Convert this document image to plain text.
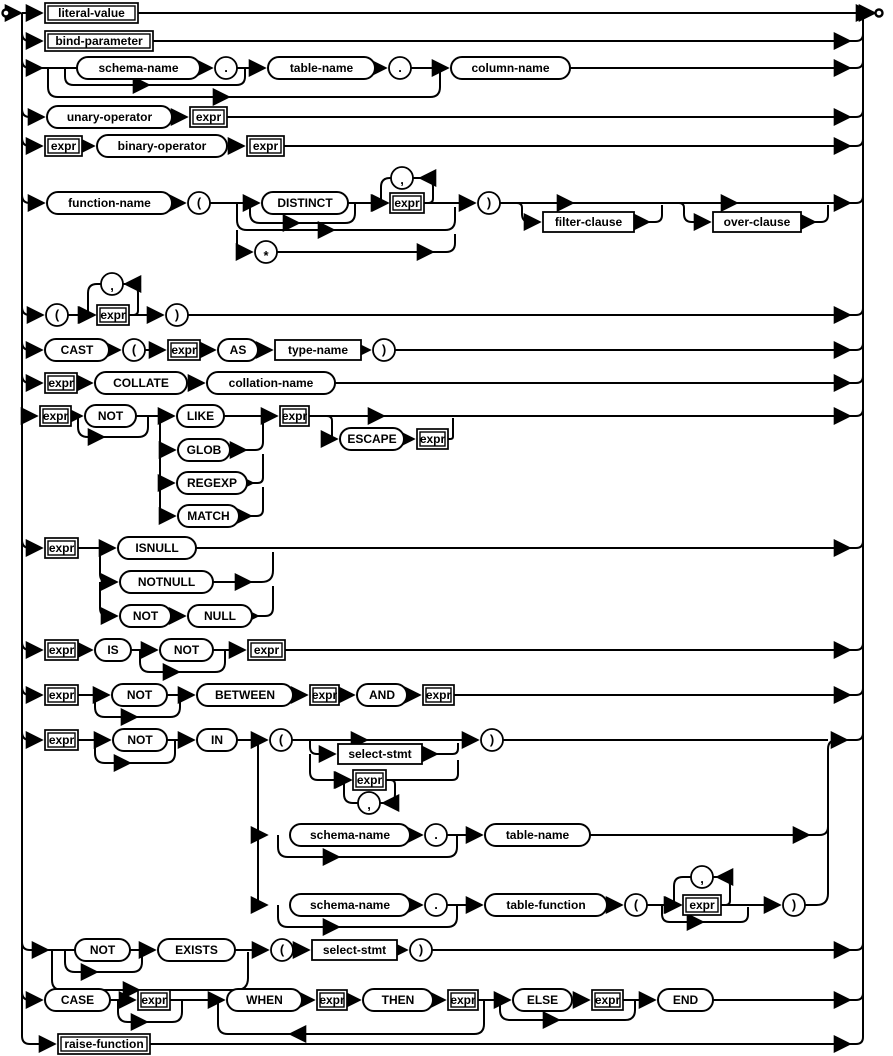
literal-value
bind-parameter
schema-name	.	table-name	.	column-name
unary-operator	expr
expr	binary-operator	expr
function-name	(	DISTINCT	expr
,
*
)
filter-clause	over-clause
(	expr
,
)
CAST	(	expr	AS	type-name	)
expr	COLLATE	collation-name
expr NOT	LIKE
GLOB
REGEXP
MATCH
expr
ESCAPE expr
expr	ISNULL
NOTNULL
NOT	NULL
expr	IS	NOT	expr
expr	NOT	BETWEEN	expr	AND	expr
expr	NOT	IN	(
select-stmt
expr
,
)
schema-name	.	table-name
schema-name	.	table-function	(	expr
,
)
NOT	EXISTS	(	select-stmt	)
CASE	expr	WHEN	expr	THEN	expr	ELSE	expr	END
raise-function
